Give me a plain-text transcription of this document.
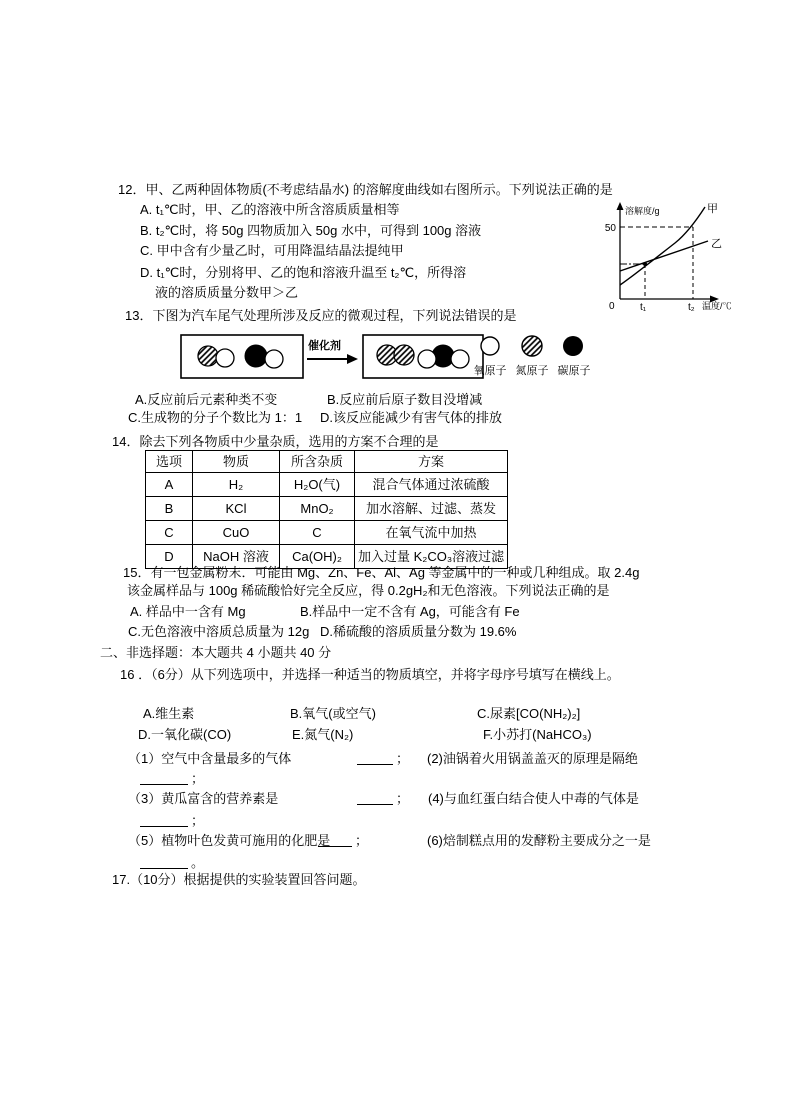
12．甲、乙两种固体物质(不考虑结晶水) 的溶解度曲线如右图所示。下列说法正确的是
A. t₁℃时，甲、乙的溶液中所含溶质质量相等
B. t₂℃时，将 50g 四物质加入 50g 水中，可得到 100g 溶液
C. 甲中含有少量乙时，可用降温结晶法提纯甲
D. t₁℃时，分别将甲、乙的饱和溶液升温至 t₂℃，所得溶
液的溶质质量分数甲＞乙
溶解度/g
50
甲
乙
0	t₁	t₂ 温度/℃
13．下图为汽车尾气处理所涉及反应的微观过程，下列说法错误的是
催化剂
氧原子 氮原子 碳原子
A.反应前后元素种类不变	B.反应前后原子数目没增减
C.生成物的分子个数比为 1：1 D.该反应能减少有害气体的排放
14．除去下列各物质中少量杂质，选用的方案不合理的是
选项	物质	所含杂质	方案
A	H₂	H₂O(气)	混合气体通过浓硫酸
B	KCl	MnO₂	加水溶解、过滤、蒸发
C	CuO	C	在氧气流中加热
D	NaOH 溶液	Ca(OH)₂	加入过量 K₂CO₃溶液过滤
15．有一包金属粉末．可能由 Mg、Zn、Fe、Al、Ag 等金属中的一种或几种组成。取 2.4g
该金属样品与 100g 稀硫酸恰好完全反应，得 0.2gH₂和无色溶液。下列说法正确的是
A. 样品中一含有 Mg	B.样品中一定不含有 Ag，可能含有 Fe
C.无色溶液中溶质总质量为 12g D.稀硫酸的溶质质量分数为 19.6%
二、非选择题：本大题共 4 小题共 40 分
16 ．（6分）从下列选项中，并选择一种适当的物质填空，并将字母序号填写在横线上。
A.维生素	B.氧气(或空气)	C.尿素[CO(NH₂)₂]
D.一氧化碳(CO)	E.氮气(N₂)	F.小苏打(NaHCO₃)
（1）空气中含量最多的气体	； (2)油锅着火用锅盖盖灭的原理是隔绝
；
（3）黄瓜富含的营养素是	； (4)与血红蛋白结合使人中毒的气体是
；
（5）植物叶色发黄可施用的化肥是 ；	(6)焙制糕点用的发酵粉主要成分之一是
。
17.（10分）根据提供的实验装置回答问题。
